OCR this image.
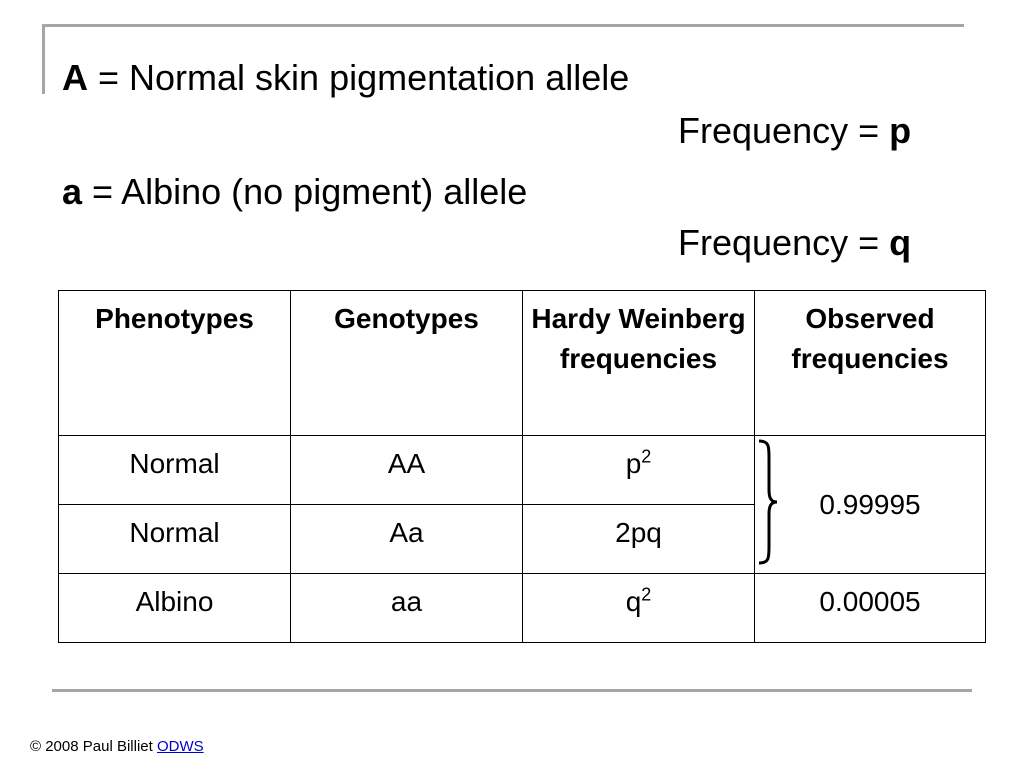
A = Normal skin pigmentation allele
Frequency = p
a = Albino (no pigment) allele
Frequency = q
Phenotypes	Genotypes	Hardy Weinberg frequencies	Observed frequencies
Normal	AA	$p^2$	0.99995

Normal	Aa	2pq	
Albino	aa	$q^2$	0.00005
© 2008 Paul Billiet ODWS
